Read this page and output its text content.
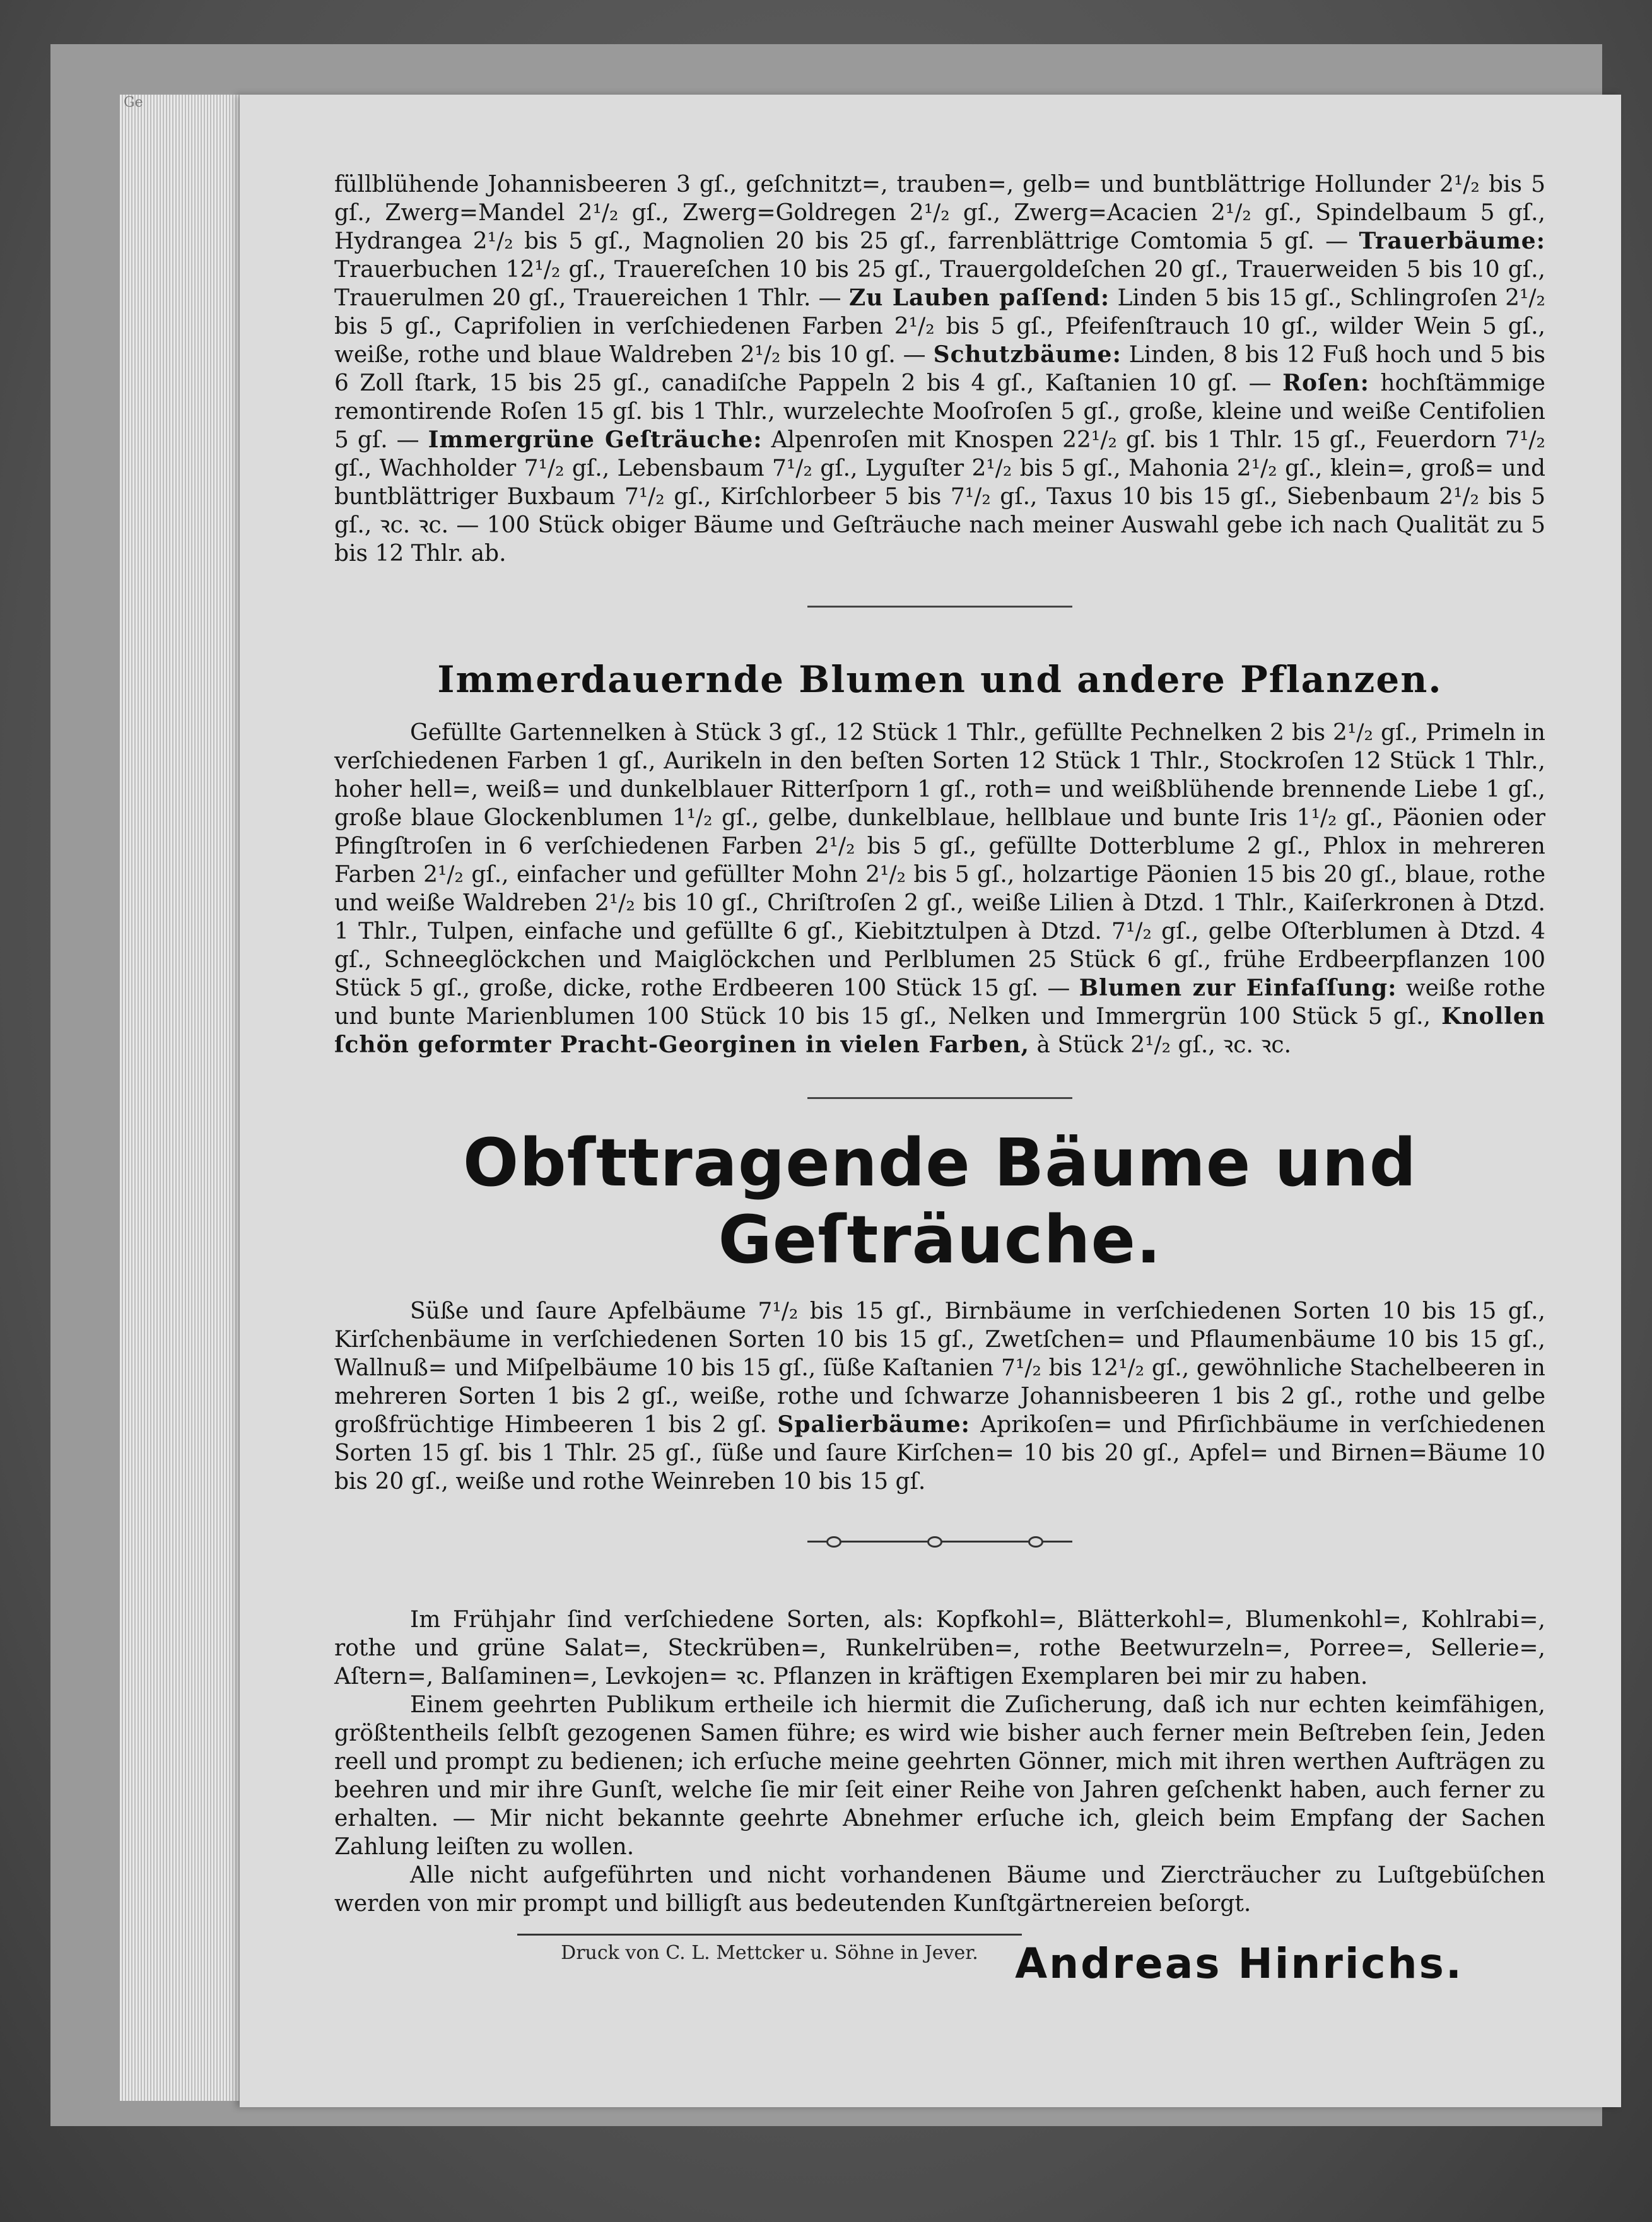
Ge

füllblühende Johannisbeeren 3 gſ., geſchnitzt=, trauben=, gelb= und buntblättrige Hollunder 2¹/₂ bis 5 gſ., Zwerg=Mandel 2¹/₂ gſ., Zwerg=Goldregen 2¹/₂ gſ., Zwerg=Acacien 2¹/₂ gſ., Spindelbaum 5 gſ., Hydrangea 2¹/₂ bis 5 gſ., Magnolien 20 bis 25 gſ., farrenblättrige Comtomia 5 gſ. — Trauerbäume: Trauerbuchen 12¹/₂ gſ., Trauereſchen 10 bis 25 gſ., Trauergoldeſchen 20 gſ., Trauerweiden 5 bis 10 gſ., Trauerulmen 20 gſ., Trauereichen 1 Thlr. — Zu Lauben paſſend: Linden 5 bis 15 gſ., Schlingroſen 2¹/₂ bis 5 gſ., Caprifolien in verſchiedenen Farben 2¹/₂ bis 5 gſ., Pfeifenſtrauch 10 gſ., wilder Wein 5 gſ., weiße, rothe und blaue Waldreben 2¹/₂ bis 10 gſ. — Schutzbäume: Linden, 8 bis 12 Fuß hoch und 5 bis 6 Zoll ſtark, 15 bis 25 gſ., canadiſche Pappeln 2 bis 4 gſ., Kaſtanien 10 gſ. — Roſen: hochſtämmige remontirende Roſen 15 gſ. bis 1 Thlr., wurzelechte Mooſroſen 5 gſ., große, kleine und weiße Centifolien 5 gſ. — Immergrüne Geſträuche: Alpenroſen mit Knospen 22¹/₂ gſ. bis 1 Thlr. 15 gſ., Feuerdorn 7¹/₂ gſ., Wachholder 7¹/₂ gſ., Lebensbaum 7¹/₂ gſ., Lyguſter 2¹/₂ bis 5 gſ., Mahonia 2¹/₂ gſ., klein=, groß= und buntblättriger Buxbaum 7¹/₂ gſ., Kirſchlorbeer 5 bis 7¹/₂ gſ., Taxus 10 bis 15 gſ., Siebenbaum 2¹/₂ bis 5 gſ., ꝛc. ꝛc. — 100 Stück obiger Bäume und Geſträuche nach meiner Auswahl gebe ich nach Qualität zu 5 bis 12 Thlr. ab.

Immerdauernde Blumen und andere Pflanzen.

Gefüllte Gartennelken à Stück 3 gſ., 12 Stück 1 Thlr., gefüllte Pechnelken 2 bis 2¹/₂ gſ., Primeln in verſchiedenen Farben 1 gſ., Aurikeln in den beſten Sorten 12 Stück 1 Thlr., Stockroſen 12 Stück 1 Thlr., hoher hell=, weiß= und dunkelblauer Ritterſporn 1 gſ., roth= und weißblühende brennende Liebe 1 gſ., große blaue Glockenblumen 1¹/₂ gſ., gelbe, dunkelblaue, hellblaue und bunte Iris 1¹/₂ gſ., Päonien oder Pfingſtroſen in 6 verſchiedenen Farben 2¹/₂ bis 5 gſ., gefüllte Dotterblume 2 gſ., Phlox in mehreren Farben 2¹/₂ gſ., einfacher und gefüllter Mohn 2¹/₂ bis 5 gſ., holzartige Päonien 15 bis 20 gſ., blaue, rothe und weiße Waldreben 2¹/₂ bis 10 gſ., Chriſtroſen 2 gſ., weiße Lilien à Dtzd. 1 Thlr., Kaiſerkronen à Dtzd. 1 Thlr., Tulpen, einfache und gefüllte 6 gſ., Kiebitztulpen à Dtzd. 7¹/₂ gſ., gelbe Oſterblumen à Dtzd. 4 gſ., Schneeglöckchen und Maiglöckchen und Perlblumen 25 Stück 6 gſ., frühe Erdbeerpflanzen 100 Stück 5 gſ., große, dicke, rothe Erdbeeren 100 Stück 15 gſ. — Blumen zur Einfaſſung: weiße rothe und bunte Marienblumen 100 Stück 10 bis 15 gſ., Nelken und Immergrün 100 Stück 5 gſ., Knollen ſchön geformter Pracht-Georginen in vielen Farben, à Stück 2¹/₂ gſ., ꝛc. ꝛc.

Obſttragende Bäume und Geſträuche.

Süße und ſaure Apfelbäume 7¹/₂ bis 15 gſ., Birnbäume in verſchiedenen Sorten 10 bis 15 gſ., Kirſchenbäume in verſchiedenen Sorten 10 bis 15 gſ., Zwetſchen= und Pflaumenbäume 10 bis 15 gſ., Wallnuß= und Miſpelbäume 10 bis 15 gſ., ſüße Kaſtanien 7¹/₂ bis 12¹/₂ gſ., gewöhnliche Stachelbeeren in mehreren Sorten 1 bis 2 gſ., weiße, rothe und ſchwarze Johannisbeeren 1 bis 2 gſ., rothe und gelbe großfrüchtige Himbeeren 1 bis 2 gſ. Spalierbäume: Aprikoſen= und Pfirſichbäume in verſchiedenen Sorten 15 gſ. bis 1 Thlr. 25 gſ., ſüße und ſaure Kirſchen= 10 bis 20 gſ., Apfel= und Birnen=Bäume 10 bis 20 gſ., weiße und rothe Weinreben 10 bis 15 gſ.

Im Frühjahr ſind verſchiedene Sorten, als: Kopfkohl=, Blätterkohl=, Blumenkohl=, Kohlrabi=, rothe und grüne Salat=, Steckrüben=, Runkelrüben=, rothe Beetwurzeln=, Porree=, Sellerie=, Aſtern=, Balſaminen=, Levkojen= ꝛc. Pflanzen in kräftigen Exemplaren bei mir zu haben.

Einem geehrten Publikum ertheile ich hiermit die Zuſicherung, daß ich nur echten keimfähigen, größtentheils ſelbſt gezogenen Samen führe; es wird wie bisher auch ferner mein Beſtreben ſein, Jeden reell und prompt zu bedienen; ich erſuche meine geehrten Gönner, mich mit ihren werthen Aufträgen zu beehren und mir ihre Gunſt, welche ſie mir ſeit einer Reihe von Jahren geſchenkt haben, auch ferner zu erhalten. — Mir nicht bekannte geehrte Abnehmer erſuche ich, gleich beim Empfang der Sachen Zahlung leiſten zu wollen.

Alle nicht aufgeführten und nicht vorhandenen Bäume und Ziercträucher zu Luſtgebüſchen werden von mir prompt und billigſt aus bedeutenden Kunſtgärtnereien beſorgt.

Andreas Hinrichs.

Druck von C. L. Mettcker u. Söhne in Jever.
